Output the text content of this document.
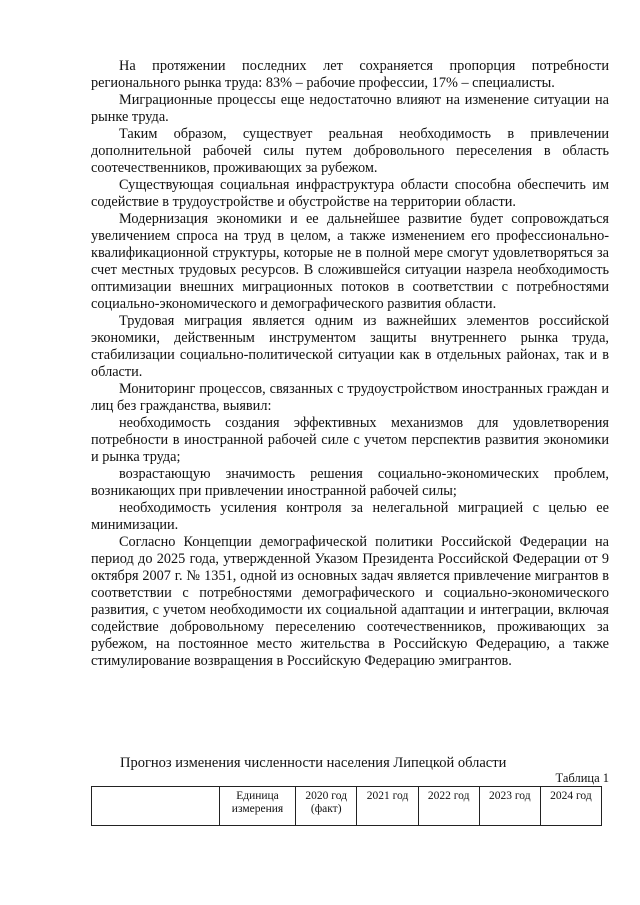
На протяжении последних лет сохраняется пропорция потребности регионального рынка труда: 83% – рабочие профессии, 17% – специалисты.

Миграционные процессы еще недостаточно влияют на изменение ситуации на рынке труда.

Таким образом, существует реальная необходимость в привлечении дополнительной рабочей силы путем добровольного переселения в область соотечественников, проживающих за рубежом.

Существующая социальная инфраструктура области способна обеспечить им содействие в трудоустройстве и обустройстве на территории области.

Модернизация экономики и ее дальнейшее развитие будет сопровождаться увеличением спроса на труд в целом, а также изменением его профессионально-квалификационной структуры, которые не в полной мере смогут удовлетворяться за счет местных трудовых ресурсов. В сложившейся ситуации назрела необходимость оптимизации внешних миграционных потоков в соответствии с потребностями социально-экономического и демографического развития области.

Трудовая миграция является одним из важнейших элементов российской экономики, действенным инструментом защиты внутреннего рынка труда, стабилизации социально-политической ситуации как в отдельных районах, так и в области.

Мониторинг процессов, связанных с трудоустройством иностранных граждан и лиц без гражданства, выявил:

необходимость создания эффективных механизмов для удовлетворения потребности в иностранной рабочей силе с учетом перспектив развития экономики и рынка труда;

возрастающую значимость решения социально-экономических проблем, возникающих при привлечении иностранной рабочей силы;

необходимость усиления контроля за нелегальной миграцией с целью ее минимизации.

Согласно Концепции демографической политики Российской Федерации на период до 2025 года, утвержденной Указом Президента Российской Федерации от 9 октября 2007 г. № 1351, одной из основных задач является привлечение мигрантов в соответствии с потребностями демографического и социально-экономического развития, с учетом необходимости их социальной адаптации и интеграции, включая содействие добровольному переселению соотечественников, проживающих за рубежом, на постоянное место жительства в Российскую Федерацию, а также стимулирование возвращения в Российскую Федерацию эмигрантов.

Прогноз изменения численности населения Липецкой области
Таблица 1
	Единица измерения	2020 год (факт)	2021 год	2022 год	2023 год	2024 год
